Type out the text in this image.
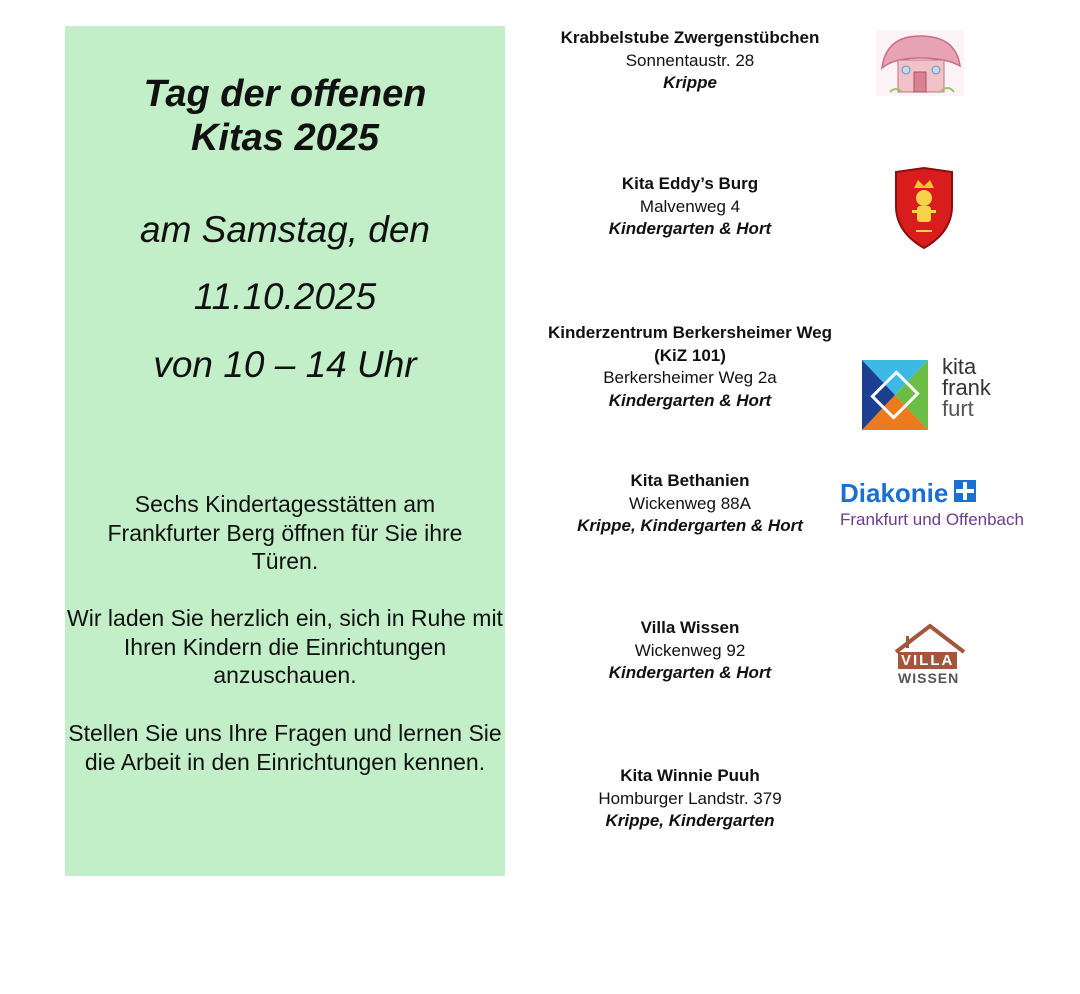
Tag der offenen Kitas 2025
am Samstag, den
11.10.2025
von 10 – 14 Uhr
Sechs Kindertagesstätten am Frankfurter Berg öffnen für Sie ihre Türen.
Wir laden Sie herzlich ein, sich in Ruhe mit Ihren Kindern die Einrichtungen anzuschauen.
Stellen Sie uns Ihre Fragen und lernen Sie die Arbeit in den Einrichtungen kennen.
Krabbelstube Zwergenstübchen
Sonnentaustr. 28
Krippe
Kita Eddy’s Burg
Malvenweg 4
Kindergarten & Hort
Kinderzentrum Berkersheimer Weg (KiZ 101)
Berkersheimer Weg 2a
Kindergarten & Hort
Kita Bethanien
Wickenweg 88A
Krippe, Kindergarten & Hort
Villa Wissen
Wickenweg 92
Kindergarten & Hort
Kita Winnie Puuh
Homburger Landstr. 379
Krippe, Kindergarten
kita
frank
furt
Diakonie
Frankfurt und Offenbach
VILLA
WISSEN
